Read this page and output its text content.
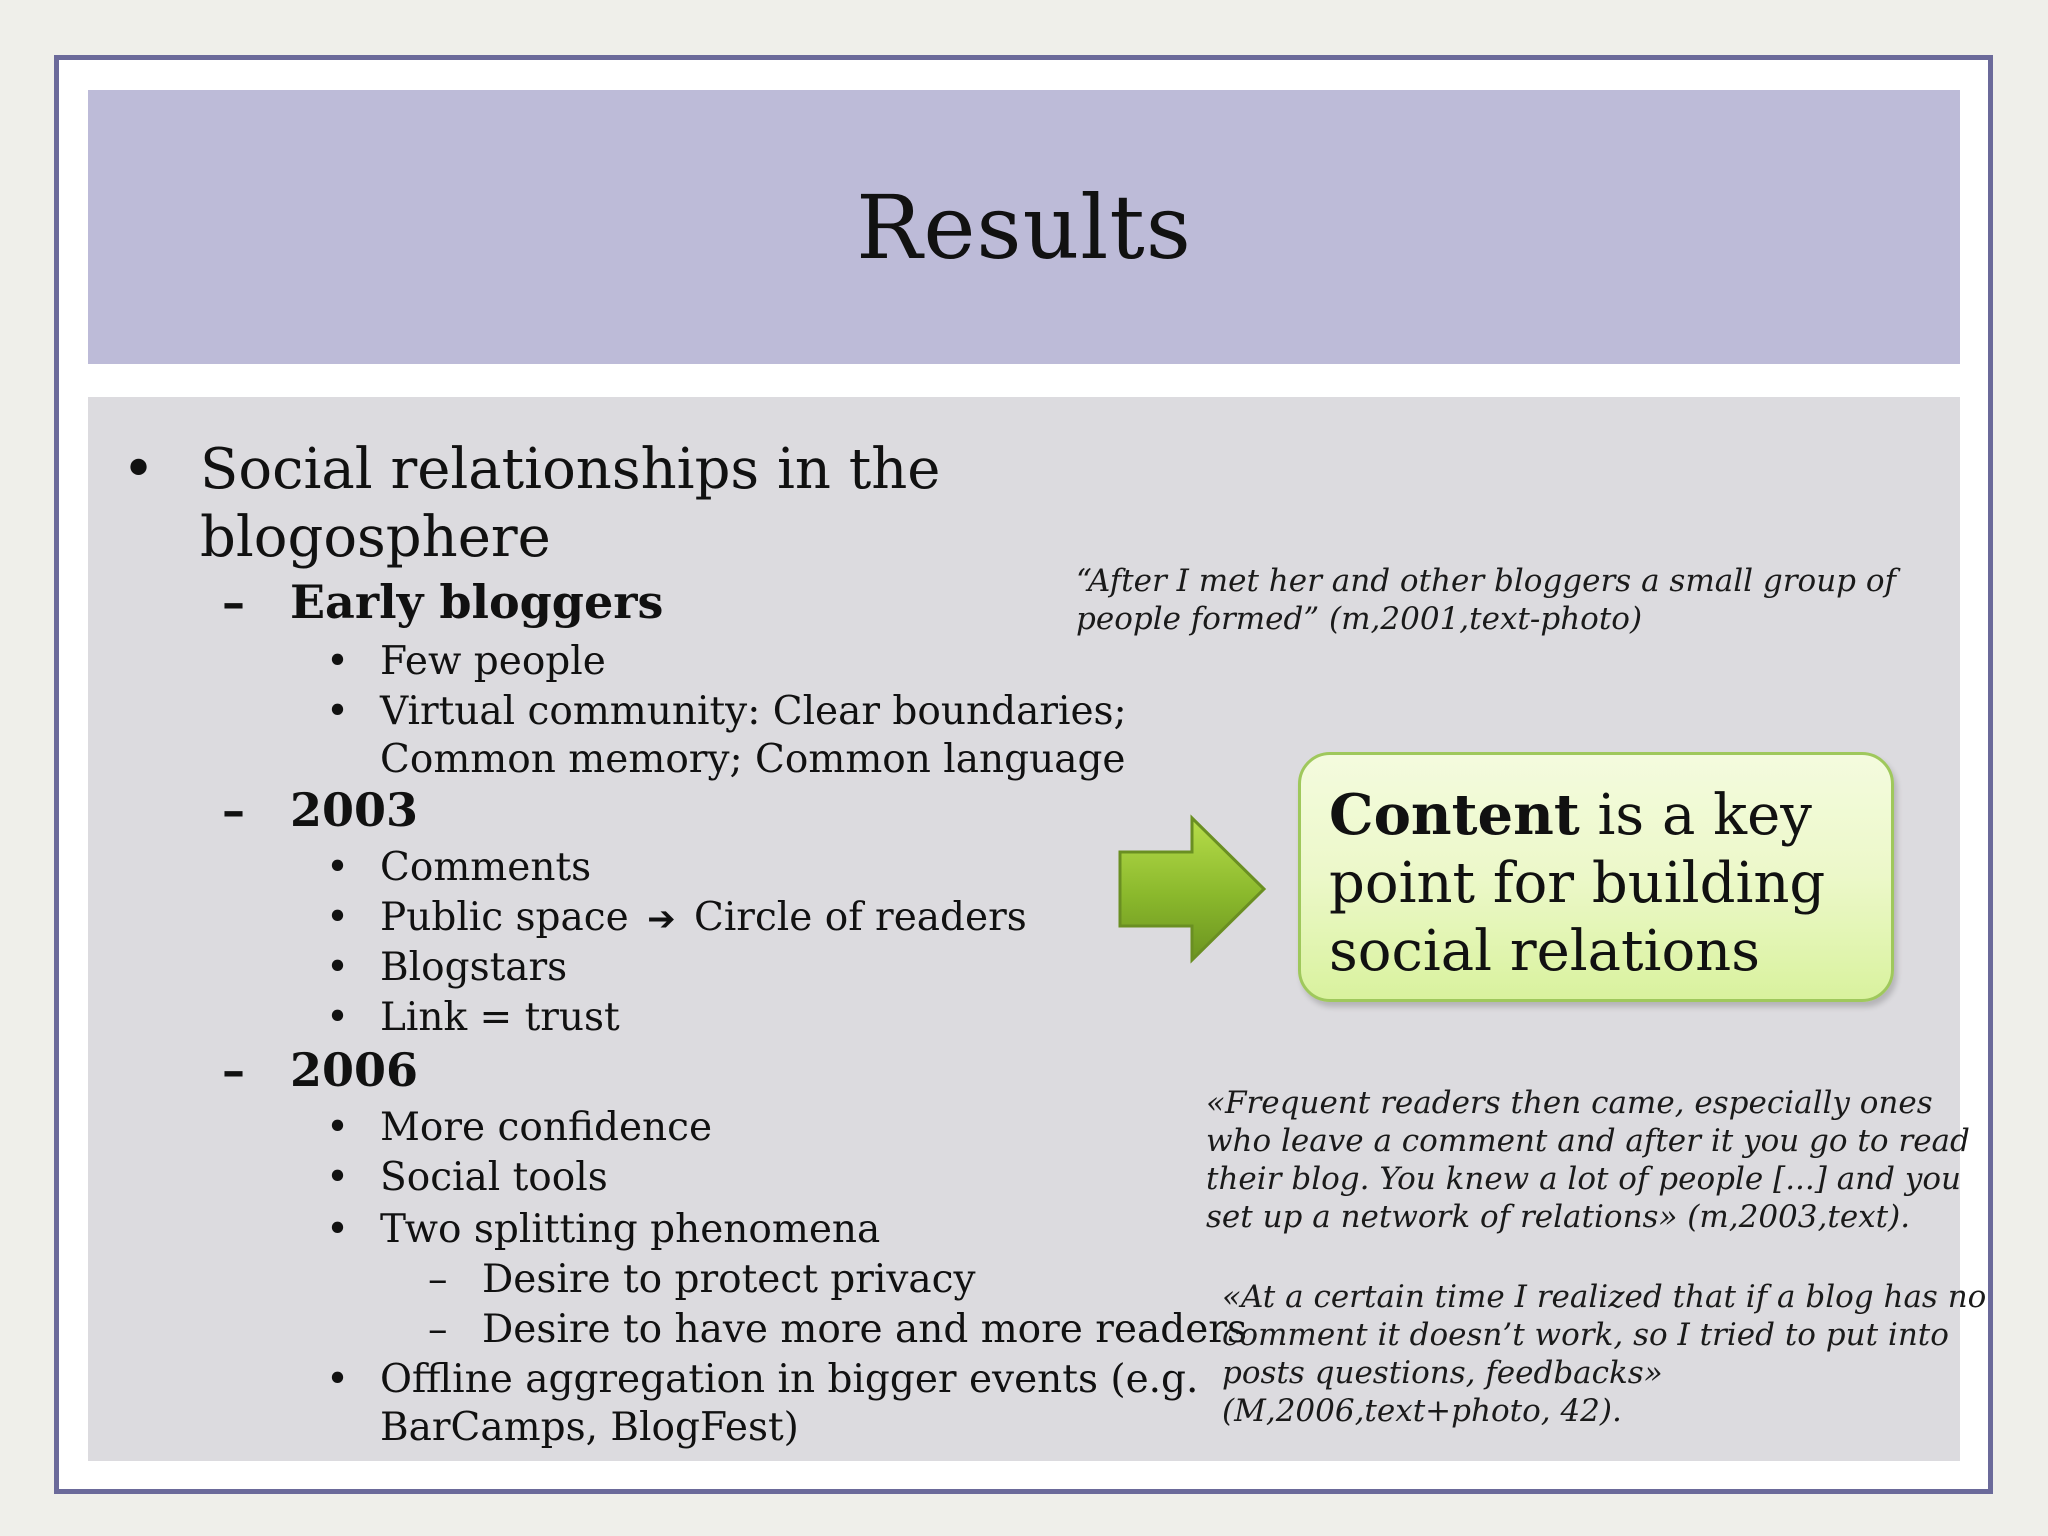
Results
• Social relationships in the
blogosphere
– Early bloggers
• Few people
• Virtual community: Clear boundaries;
Common memory; Common language
– 2003
• Comments
• Public space ➔ Circle of readers
• Blogstars
• Link = trust
– 2006
• More confidence
• Social tools
• Two splitting phenomena
– Desire to protect privacy
– Desire to have more and more readers
• Offline aggregation in bigger events (e.g.
BarCamps, BlogFest)
“After I met her and other bloggers a small group of
people formed” (m,2001,text-photo)
Content is a key
point for building
social relations
«Frequent readers then came, especially ones
who leave a comment and after it you go to read
their blog. You knew a lot of people [...] and you
set up a network of relations» (m,2003,text).
«At a certain time I realized that if a blog has no
comment it doesn’t work, so I tried to put into
posts questions, feedbacks»
(M,2006,text+photo, 42).
